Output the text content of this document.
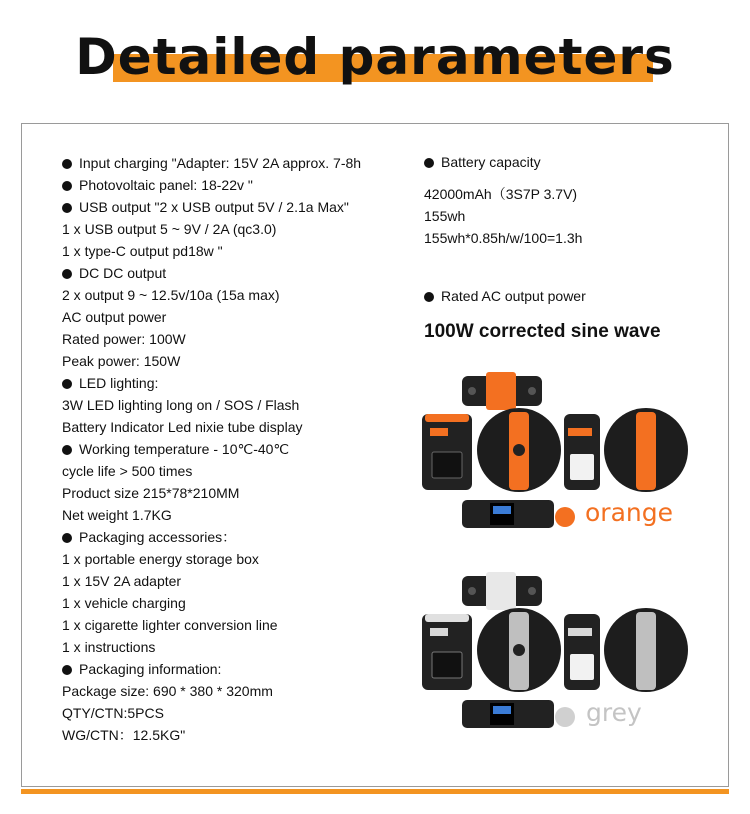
Detailed parameters
Input charging "Adapter: 15V 2A approx. 7-8h
Photovoltaic panel: 18-22v "
USB output "2 x USB output 5V / 2.1a Max"
1 x USB output 5 ~ 9V / 2A (qc3.0)
1 x type-C output pd18w "
DC DC output
2 x output 9 ~ 12.5v/10a (15a max)
AC output power
Rated power: 100W
Peak power: 150W
LED lighting:
3W LED lighting long on / SOS / Flash
Battery Indicator Led nixie tube display
Working temperature - 10℃-40℃
cycle life > 500 times
Product size 215*78*210MM
Net weight 1.7KG
Packaging accessories：
1 x portable energy storage box
1 x 15V 2A adapter
1 x vehicle charging
1 x cigarette lighter conversion line
1 x instructions
Packaging information:
Package size: 690 * 380 * 320mm
QTY/CTN:5PCS
WG/CTN：12.5KG"
Battery capacity
42000mAh（3S7P 3.7V)
155wh
155wh*0.85h/w/100=1.3h
Rated AC output power
100W corrected sine wave
orange
grey
